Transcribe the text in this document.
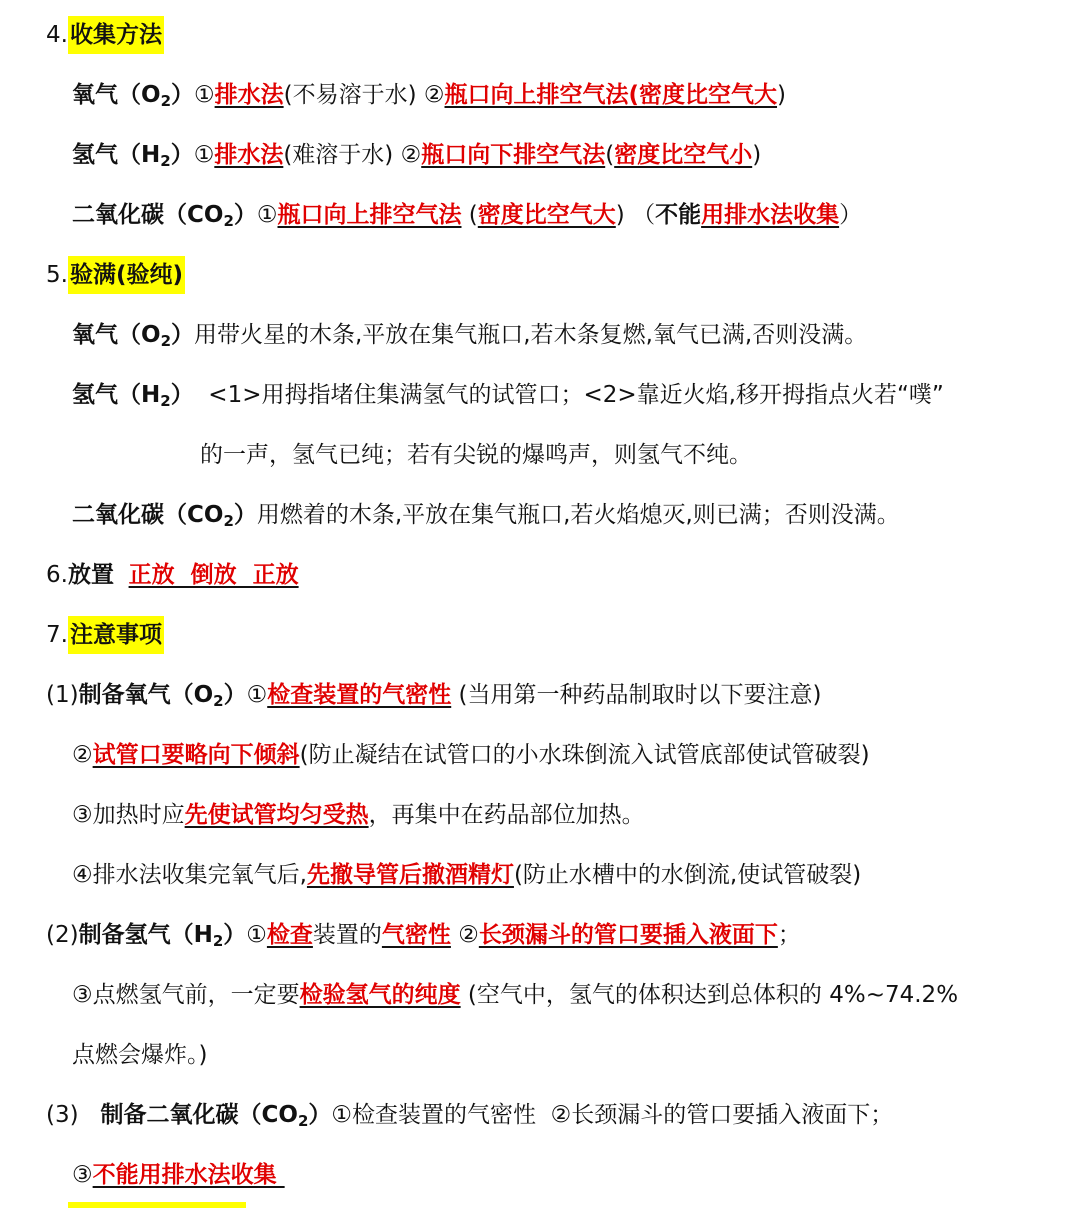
4.收集方法
氧气$(O_2)①$排水法(不易溶于水) ②瓶口向上排空气法(密度比空气大)
氢气$(H_2)①$排水法(难溶于水) ②瓶口向下排空气法(密度比空气小)
二氧化碳$(CO_2)①$瓶口向上排空气法 (密度比空气大) （不能用排水法收集）
5.验满(验纯)
氧气$(O_2)$用带火星的木条,平放在集气瓶口,若木条复燃,氧气已满,否则没满。
氢气$(H_2) <1>$用拇指堵住集满氢气的试管口；<2>靠近火焰,移开拇指点火若“噗”
的一声，氢气已纯；若有尖锐的爆鸣声，则氢气不纯。
二氧化碳$(CO_2)$用燃着的木条,平放在集气瓶口,若火焰熄灭,则已满；否则没满。
6.放置 正放  倒放  正放
7.注意事项
(1)制备氧气$(O_2)①$检查装置的气密性 (当用第一种药品制取时以下要注意)
②试管口要略向下倾斜(防止凝结在试管口的小水珠倒流入试管底部使试管破裂)
③加热时应先使试管均匀受热，再集中在药品部位加热。
④排水法收集完氧气后,先撤导管后撤酒精灯(防止水槽中的水倒流,使试管破裂)
(2)制备氢气$(H_2)①$检查装置的气密性 ②长颈漏斗的管口要插入液面下；
③点燃氢气前，一定要检验氢气的纯度 (空气中，氢气的体积达到总体积的 4%~74.2%
点燃会爆炸。)
(3)   制备二氧化碳$(CO_2)①$检查装置的气密性  ②长颈漏斗的管口要插入液面下；
③不能用排水法收集
